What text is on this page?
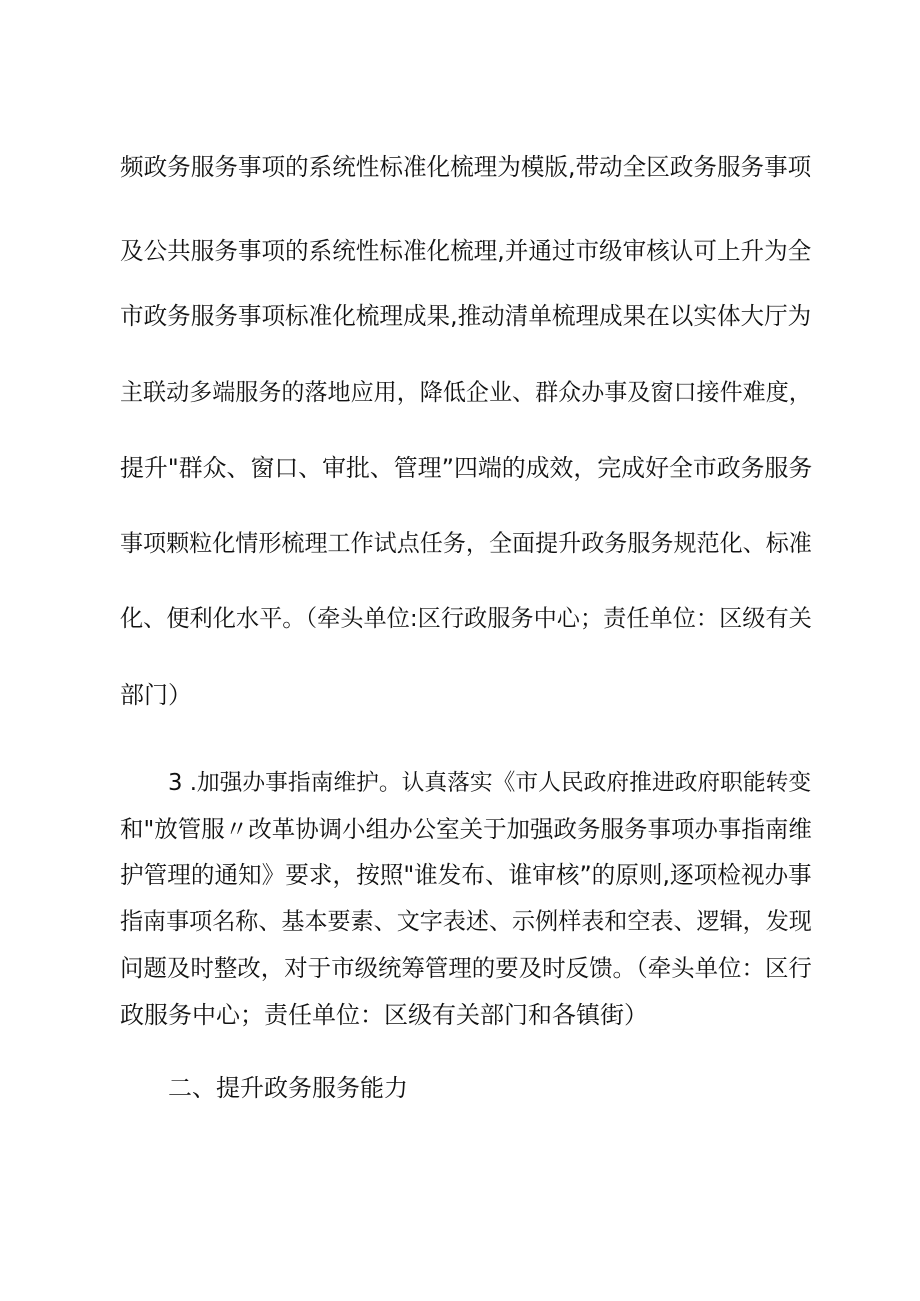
频政务服务事项的系统性标准化梳理为模版,带动全区政务服务事项
及公共服务事项的系统性标准化梳理,并通过市级审核认可上升为全
市政务服务事项标准化梳理成果,推动清单梳理成果在以实体大厅为
主联动多端服务的落地应用，降低企业、群众办事及窗口接件难度，
提升"群众、窗口、审批、管理”四端的成效，完成好全市政务服务
事项颗粒化情形梳理工作试点任务，全面提升政务服务规范化、标准
化、便利化水平。（牵头单位:区行政服务中心；责任单位：区级有关
部门）
3 .加强办事指南维护。认真落实《市人民政府推进政府职能转变
和"放管服〃改革协调小组办公室关于加强政务服务事项办事指南维
护管理的通知》要求，按照"谁发布、谁审核”的原则,逐项检视办事
指南事项名称、基本要素、文字表述、示例样表和空表、逻辑，发现
问题及时整改，对于市级统筹管理的要及时反馈。（牵头单位：区行
政服务中心；责任单位：区级有关部门和各镇街）
二、提升政务服务能力
